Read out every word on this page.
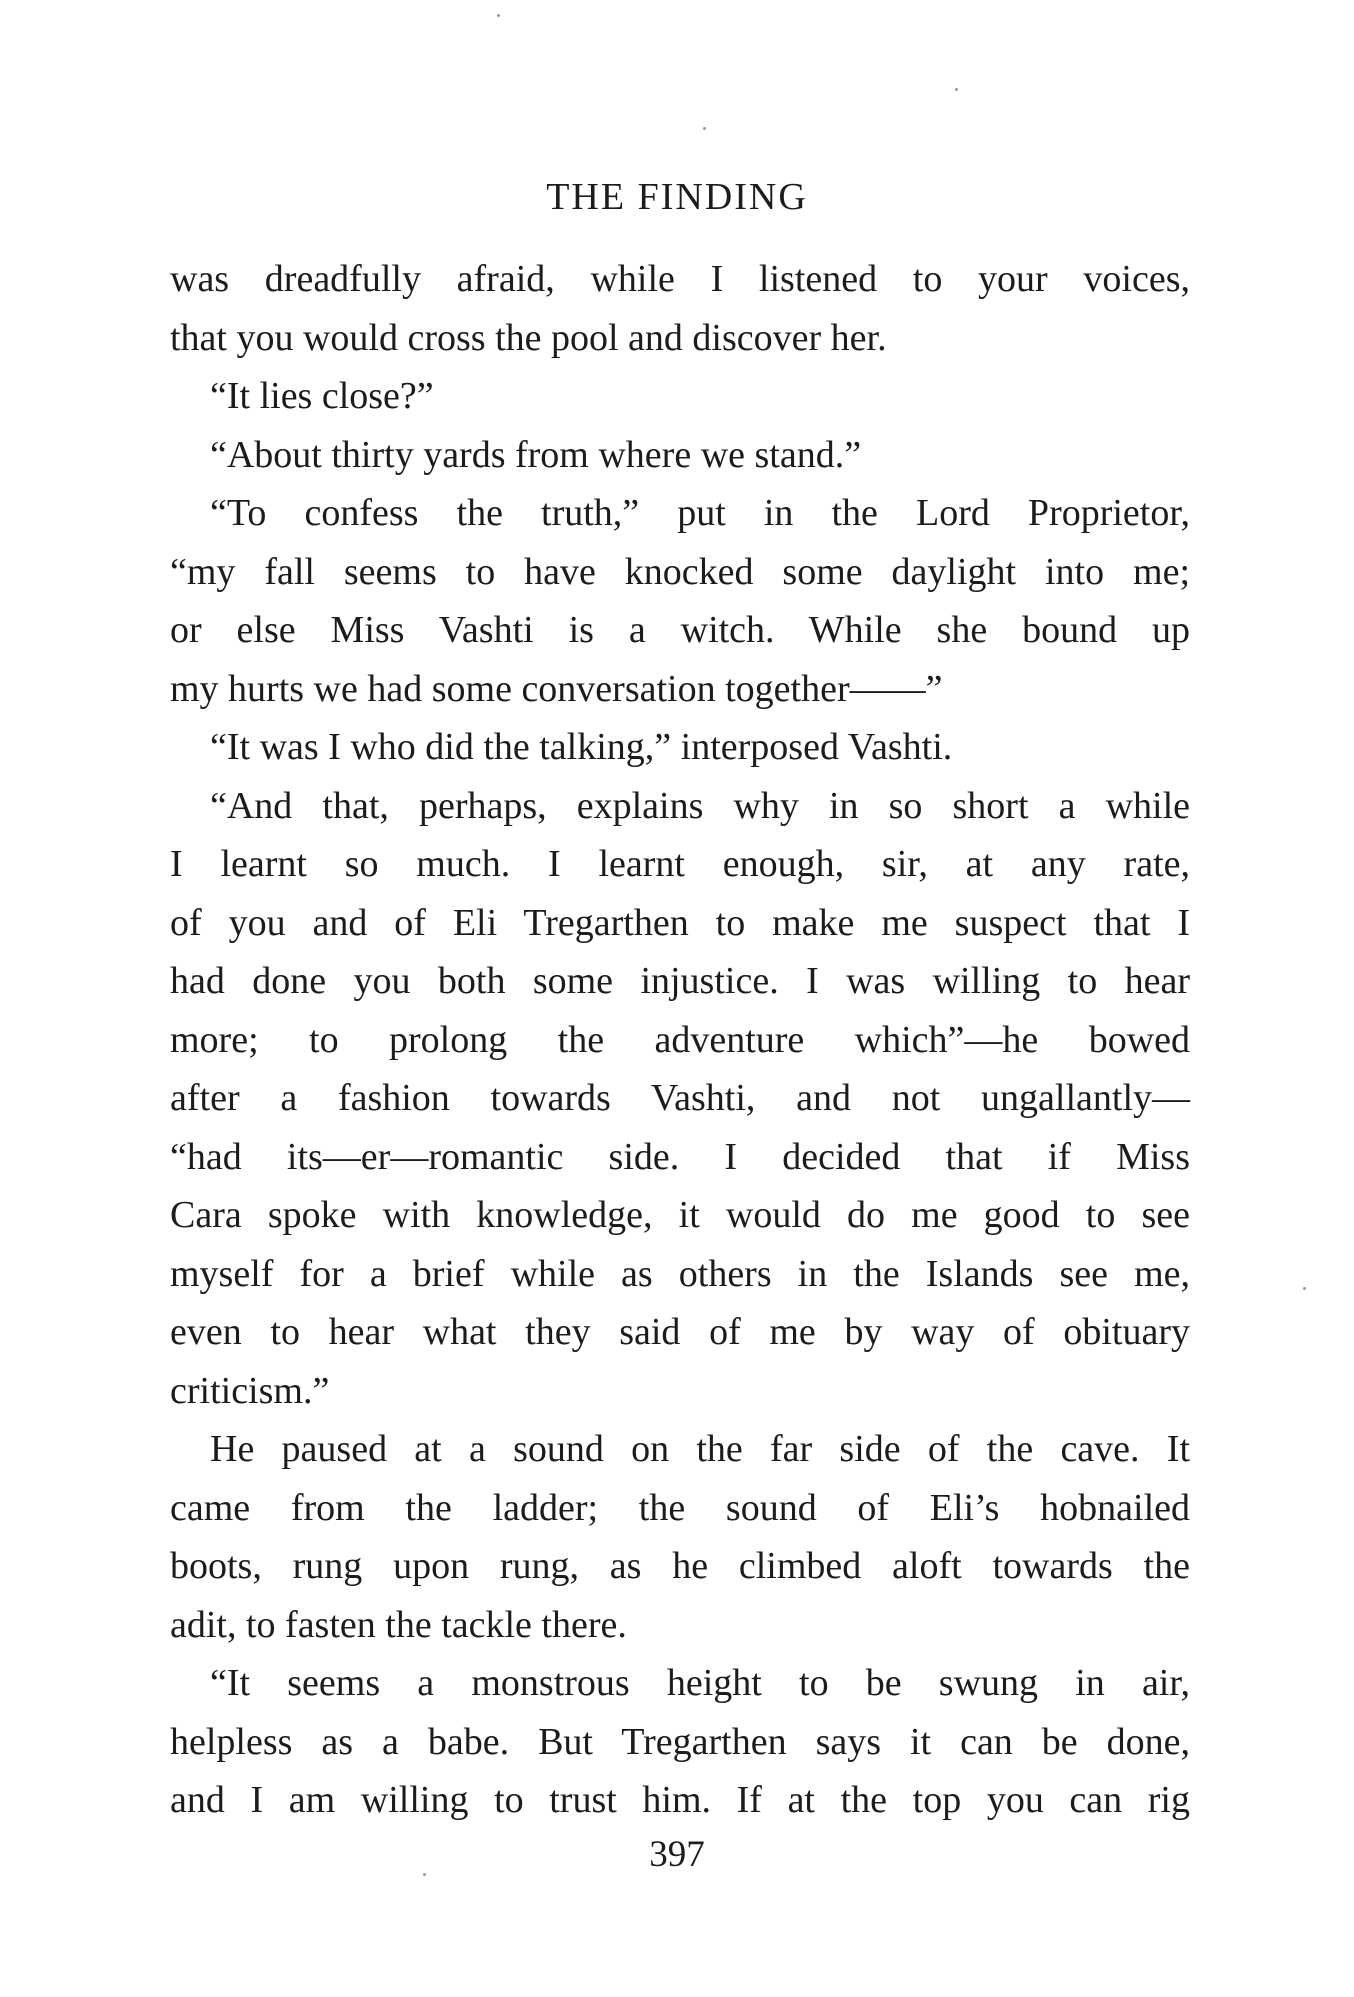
THE FINDING
was dreadfully afraid, while I listened to your voices,
that you would cross the pool and discover her.
“It lies close?”
“About thirty yards from where we stand.”
“To confess the truth,” put in the Lord Proprietor,
“my fall seems to have knocked some daylight into me;
or else Miss Vashti is a witch. While she bound up
my hurts we had some conversation together——”
“It was I who did the talking,” interposed Vashti.
“And that, perhaps, explains why in so short a while
I learnt so much. I learnt enough, sir, at any rate,
of you and of Eli Tregarthen to make me suspect that I
had done you both some injustice. I was willing to hear
more; to prolong the adventure which”—he bowed
after a fashion towards Vashti, and not ungallantly—
“had its—er—romantic side. I decided that if Miss
Cara spoke with knowledge, it would do me good to see
myself for a brief while as others in the Islands see me,
even to hear what they said of me by way of obituary
criticism.”
He paused at a sound on the far side of the cave. It
came from the ladder; the sound of Eli’s hobnailed
boots, rung upon rung, as he climbed aloft towards the
adit, to fasten the tackle there.
“It seems a monstrous height to be swung in air,
helpless as a babe. But Tregarthen says it can be done,
and I am willing to trust him. If at the top you can rig
397
